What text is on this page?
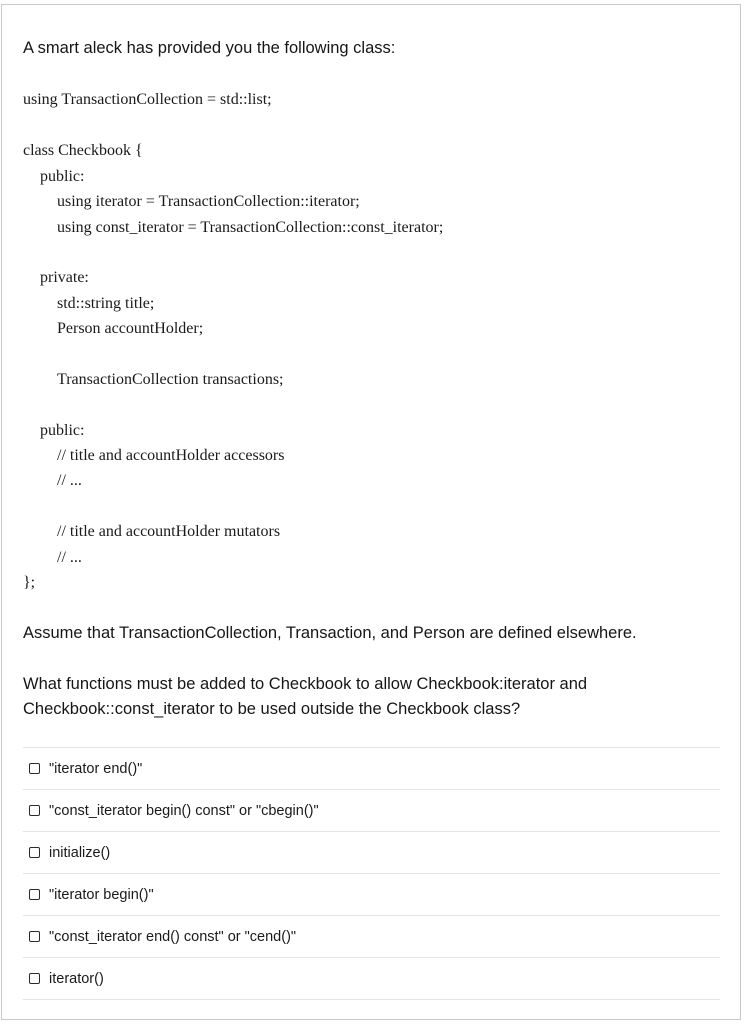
A smart aleck has provided you the following class:

using TransactionCollection = std::list;

class Checkbook {
public:
using iterator = TransactionCollection::iterator;
using const_iterator = TransactionCollection::const_iterator;
private:
std::string title;
Person accountHolder;
TransactionCollection transactions;
public:
// title and accountHolder accessors
// ...
// title and accountHolder mutators
// ...
};

Assume that TransactionCollection, Transaction, and Person are defined elsewhere.

What functions must be added to Checkbook to allow Checkbook:iterator and Checkbook::const_iterator to be used outside the Checkbook class?

"iterator end()"
"const_iterator begin() const" or "cbegin()"
initialize()
"iterator begin()"
"const_iterator end() const" or "cend()"
iterator()
